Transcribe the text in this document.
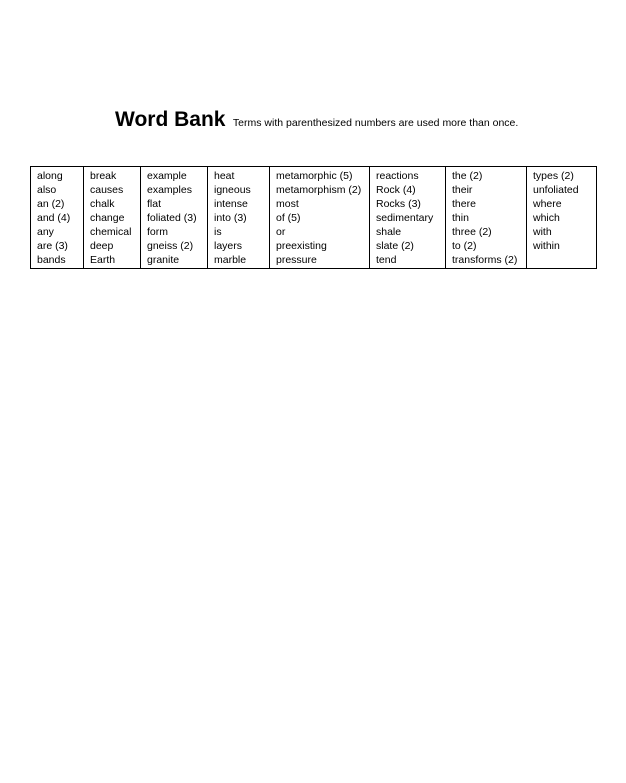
Word Bank Terms with parenthesized numbers are used more than once.
along
also
an (2)
and (4)
any
are (3)
bands
break
causes
chalk
change
chemical
deep
Earth
example
examples
flat
foliated (3)
form
gneiss (2)
granite
heat
igneous
intense
into (3)
is
layers
marble
metamorphic (5)
metamorphism (2)
most
of (5)
or
preexisting
pressure
reactions
Rock (4)
Rocks (3)
sedimentary
shale
slate (2)
tend
the (2)
their
there
thin
three (2)
to (2)
transforms (2)
types (2)
unfoliated
where
which
with
within
